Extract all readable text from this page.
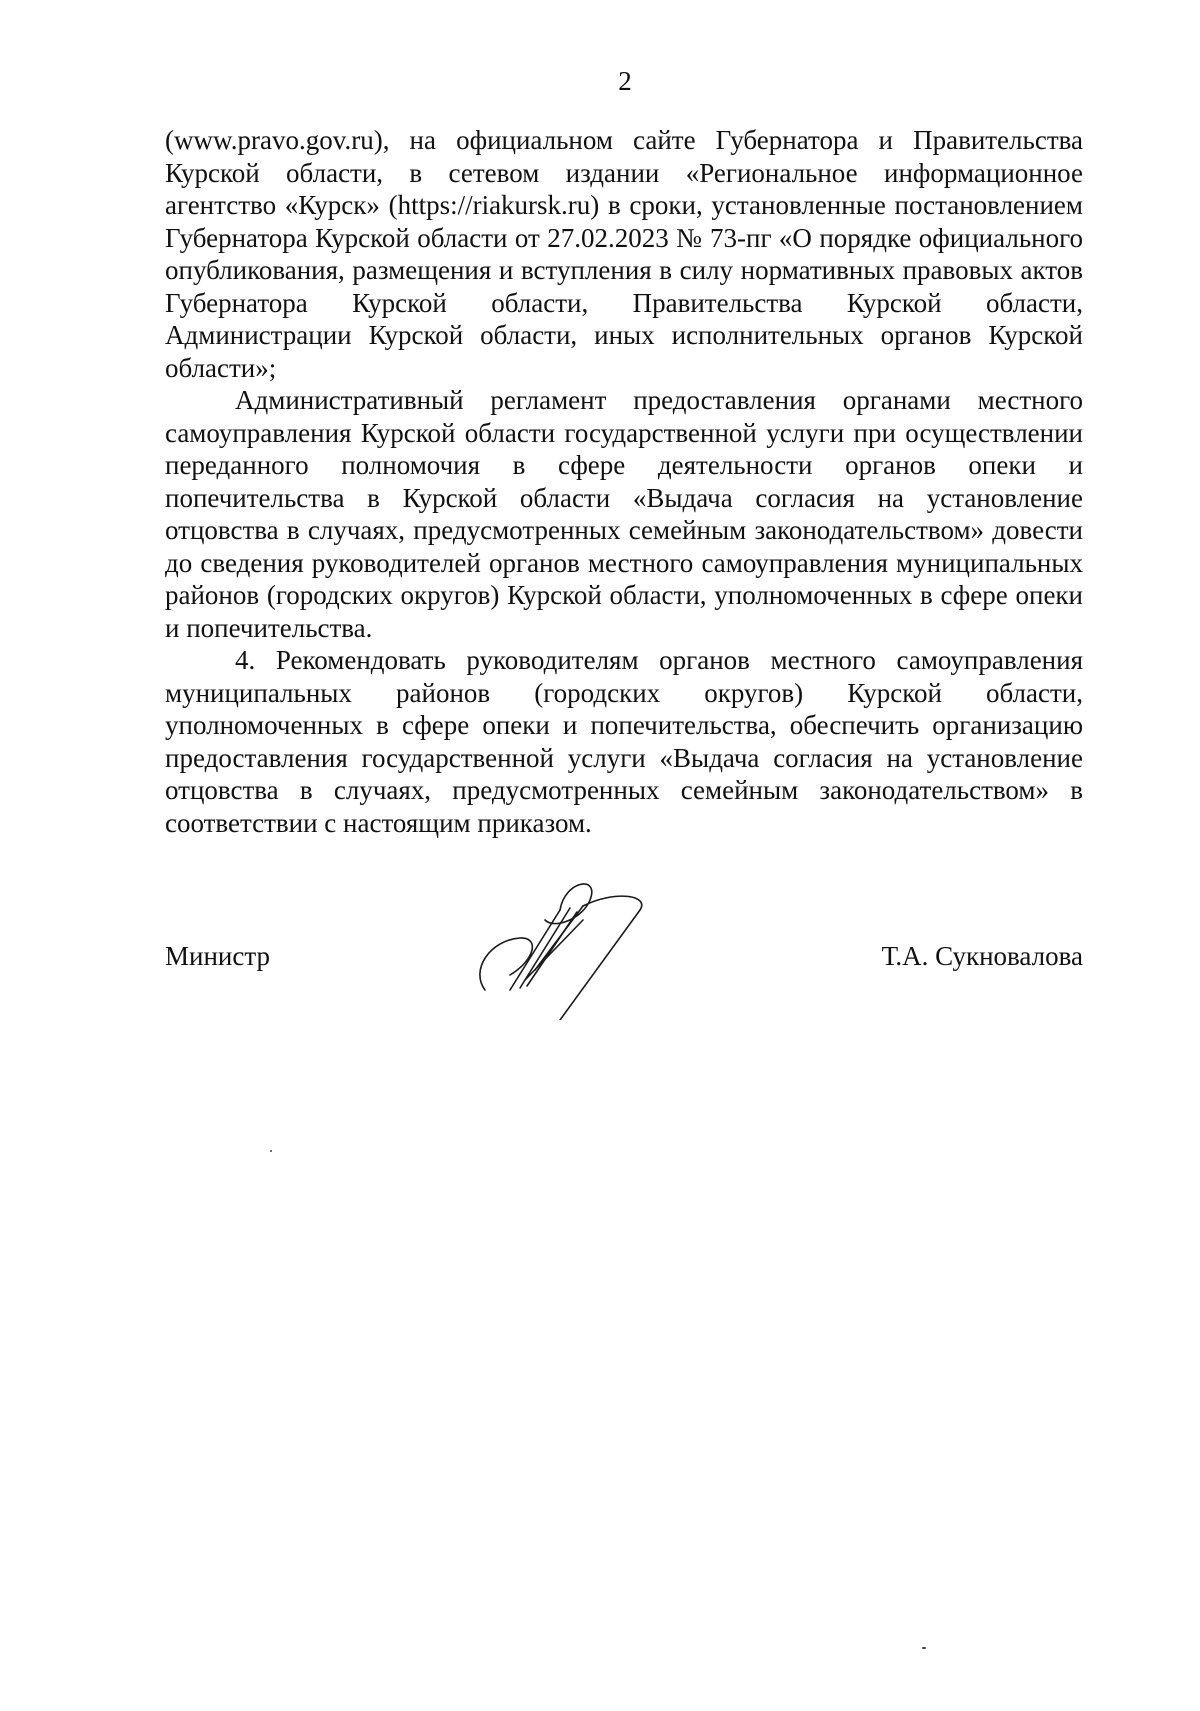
2

(www.pravo.gov.ru), на официальном сайте Губернатора и Правительства Курской области, в сетевом издании «Региональное информационное агентство «Курск» (https://riakursk.ru) в сроки, установленные постановлением Губернатора Курской области от 27.02.2023 № 73-пг «О порядке официального опубликования, размещения и вступления в силу нормативных правовых актов Губернатора Курской области, Правительства Курской области, Администрации Курской области, иных исполнительных органов Курской области»;

Административный регламент предоставления органами местного самоуправления Курской области государственной услуги при осуществлении переданного полномочия в сфере деятельности органов опеки и попечительства в Курской области «Выдача согласия на установление отцовства в случаях, предусмотренных семейным законодательством» довести до сведения руководителей органов местного самоуправления муниципальных районов (городских округов) Курской области, уполномоченных в сфере опеки и попечительства.

4. Рекомендовать руководителям органов местного самоуправления муниципальных районов (городских округов) Курской области, уполномоченных в сфере опеки и попечительства, обеспечить организацию предоставления государственной услуги «Выдача согласия на установление отцовства в случаях, предусмотренных семейным законодательством» в соответствии с настоящим приказом.

Министр	Т.А. Сукновалова
